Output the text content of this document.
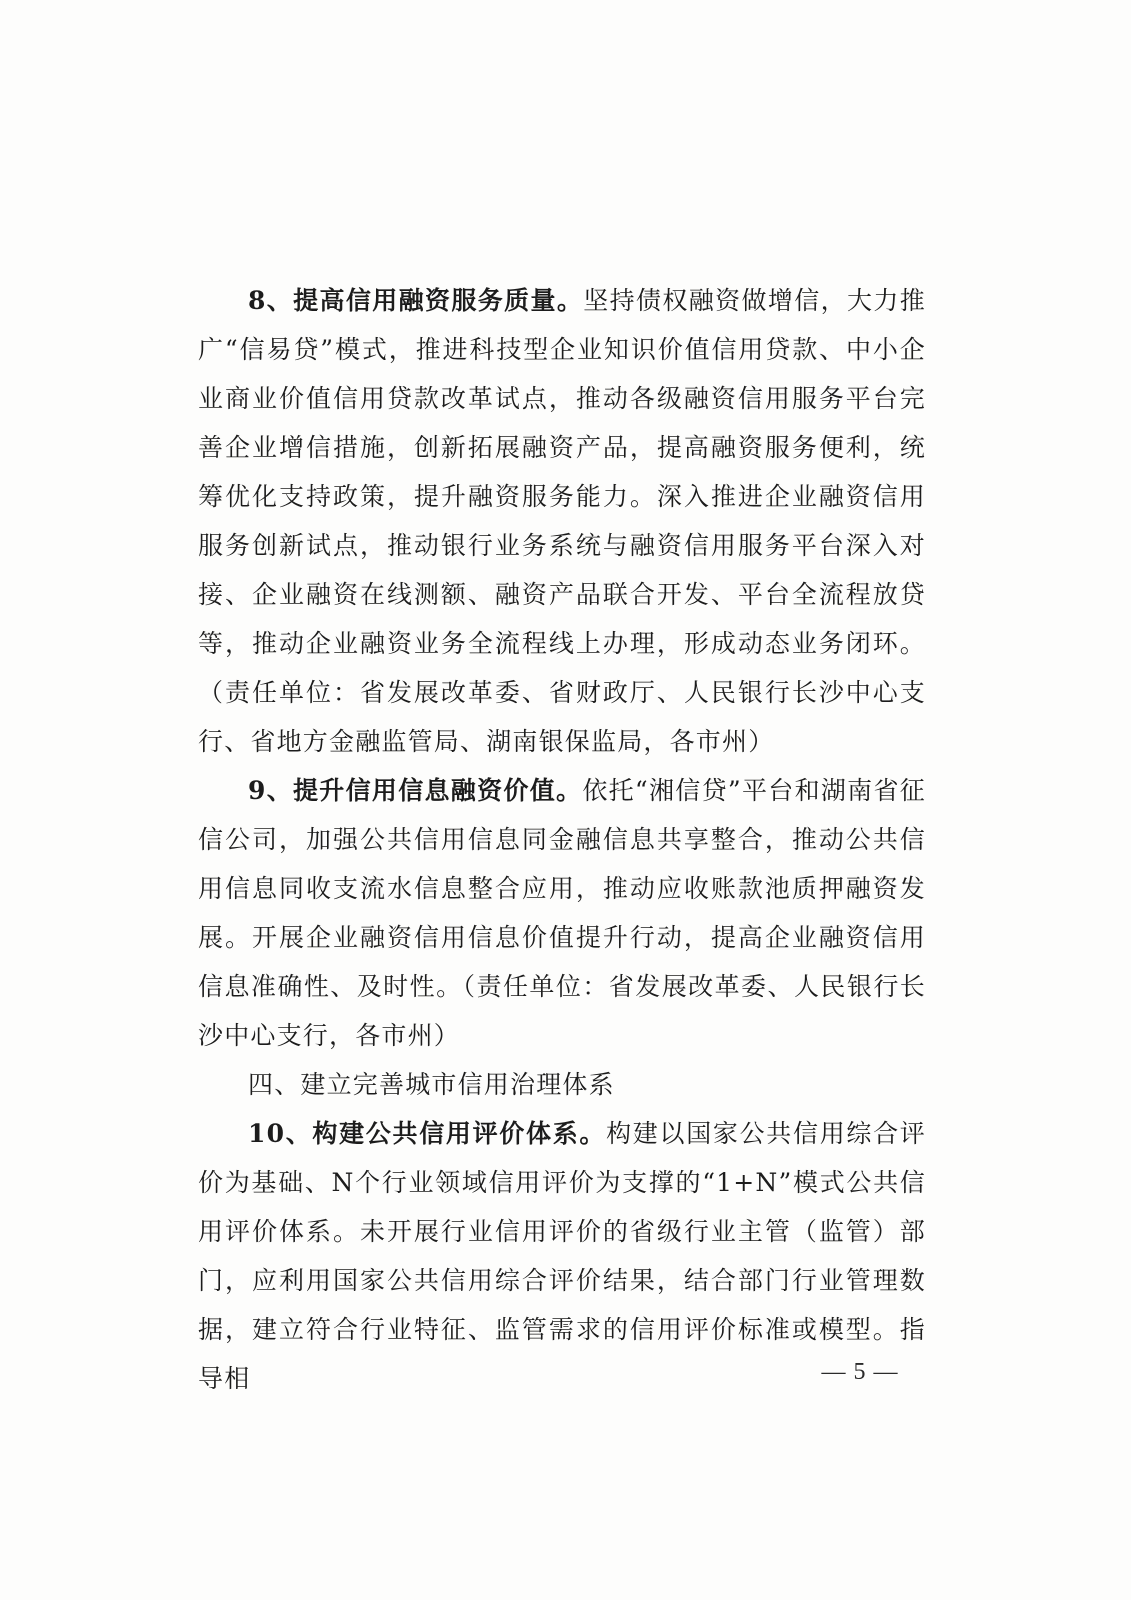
8、提高信用融资服务质量。坚持债权融资做增信，大力推广“信易贷”模式，推进科技型企业知识价值信用贷款、中小企业商业价值信用贷款改革试点，推动各级融资信用服务平台完善企业增信措施，创新拓展融资产品，提高融资服务便利，统筹优化支持政策，提升融资服务能力。深入推进企业融资信用服务创新试点，推动银行业务系统与融资信用服务平台深入对接、企业融资在线测额、融资产品联合开发、平台全流程放贷等，推动企业融资业务全流程线上办理，形成动态业务闭环。（责任单位：省发展改革委、省财政厅、人民银行长沙中心支行、省地方金融监管局、湖南银保监局，各市州）

9、提升信用信息融资价值。依托“湘信贷”平台和湖南省征信公司，加强公共信用信息同金融信息共享整合，推动公共信用信息同收支流水信息整合应用，推动应收账款池质押融资发展。开展企业融资信用信息价值提升行动，提高企业融资信用信息准确性、及时性。（责任单位：省发展改革委、人民银行长沙中心支行，各市州）

四、建立完善城市信用治理体系

10、构建公共信用评价体系。构建以国家公共信用综合评价为基础、N个行业领域信用评价为支撑的“1+N”模式公共信用评价体系。未开展行业信用评价的省级行业主管（监管）部门，应利用国家公共信用综合评价结果，结合部门行业管理数据，建立符合行业特征、监管需求的信用评价标准或模型。指导相	— 5 —
